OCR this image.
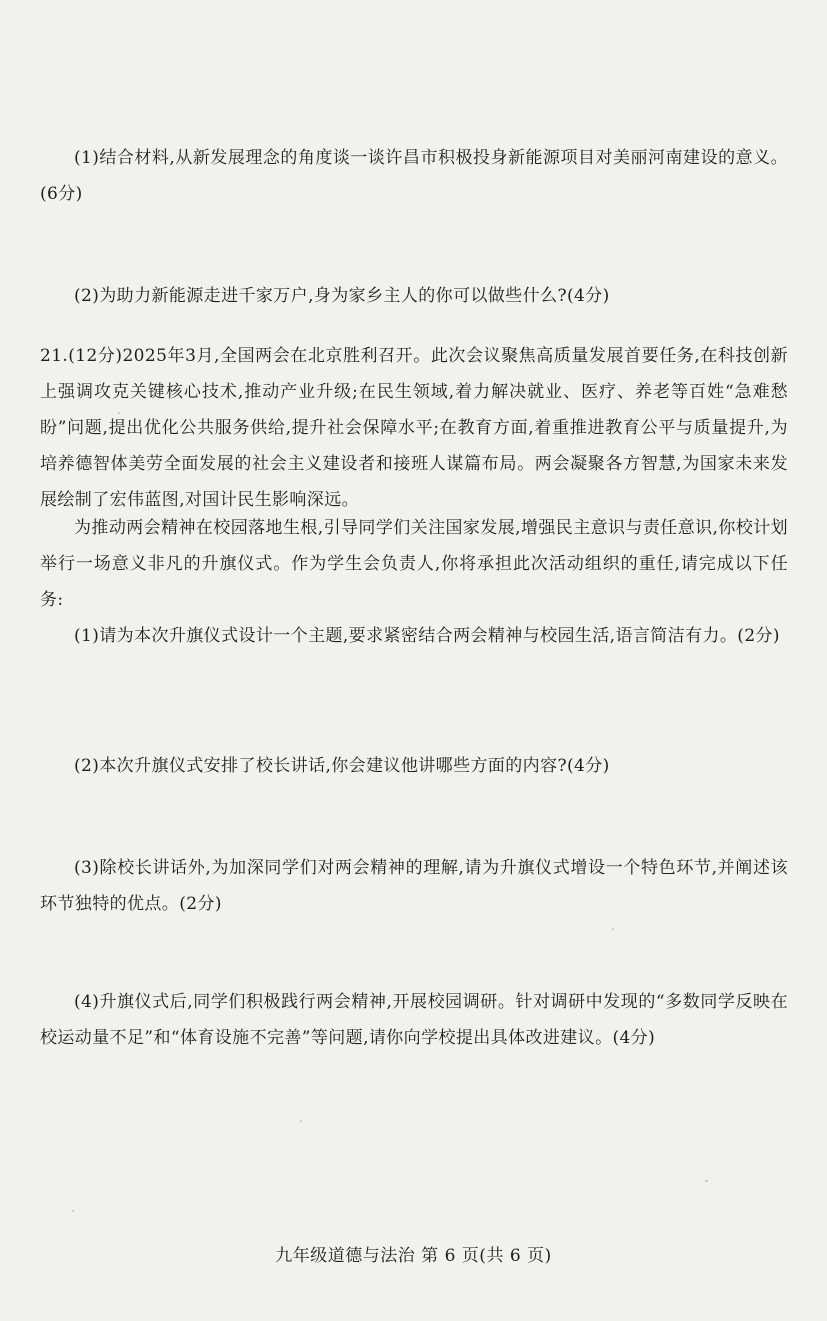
(1)结合材料,从新发展理念的角度谈一谈许昌市积极投身新能源项目对美丽河南建设的意义。(6分)
(2)为助力新能源走进千家万户,身为家乡主人的你可以做些什么?(4分)
21.(12分)2025年3月,全国两会在北京胜利召开。此次会议聚焦高质量发展首要任务,在科技创新上强调攻克关键核心技术,推动产业升级;在民生领域,着力解决就业、医疗、养老等百姓“急难愁盼”问题,提出优化公共服务供给,提升社会保障水平;在教育方面,着重推进教育公平与质量提升,为培养德智体美劳全面发展的社会主义建设者和接班人谋篇布局。两会凝聚各方智慧,为国家未来发展绘制了宏伟蓝图,对国计民生影响深远。
为推动两会精神在校园落地生根,引导同学们关注国家发展,增强民主意识与责任意识,你校计划举行一场意义非凡的升旗仪式。作为学生会负责人,你将承担此次活动组织的重任,请完成以下任务:
(1)请为本次升旗仪式设计一个主题,要求紧密结合两会精神与校园生活,语言简洁有力。(2分)
(2)本次升旗仪式安排了校长讲话,你会建议他讲哪些方面的内容?(4分)
(3)除校长讲话外,为加深同学们对两会精神的理解,请为升旗仪式增设一个特色环节,并阐述该环节独特的优点。(2分)
(4)升旗仪式后,同学们积极践行两会精神,开展校园调研。针对调研中发现的“多数同学反映在校运动量不足”和“体育设施不完善”等问题,请你向学校提出具体改进建议。(4分)
九年级道德与法治 第 6 页(共 6 页)
